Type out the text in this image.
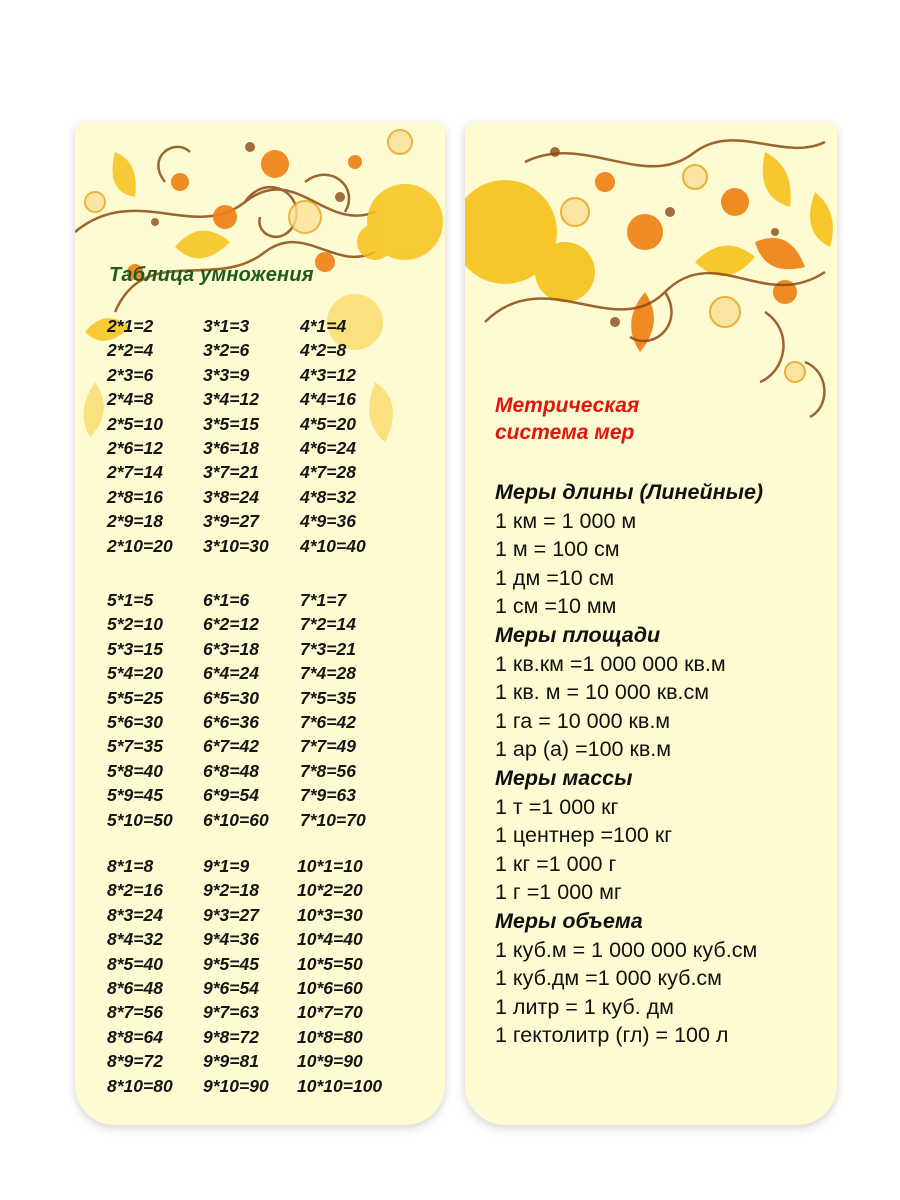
Таблица умножения
2*1=2
2*2=4
2*3=6
2*4=8
2*5=10
2*6=12
2*7=14
2*8=16
2*9=18
2*10=20
3*1=3
3*2=6
3*3=9
3*4=12
3*5=15
3*6=18
3*7=21
3*8=24
3*9=27
3*10=30
4*1=4
4*2=8
4*3=12
4*4=16
4*5=20
4*6=24
4*7=28
4*8=32
4*9=36
4*10=40
5*1=5
5*2=10
5*3=15
5*4=20
5*5=25
5*6=30
5*7=35
5*8=40
5*9=45
5*10=50
6*1=6
6*2=12
6*3=18
6*4=24
6*5=30
6*6=36
6*7=42
6*8=48
6*9=54
6*10=60
7*1=7
7*2=14
7*3=21
7*4=28
7*5=35
7*6=42
7*7=49
7*8=56
7*9=63
7*10=70
8*1=8
8*2=16
8*3=24
8*4=32
8*5=40
8*6=48
8*7=56
8*8=64
8*9=72
8*10=80
9*1=9
9*2=18
9*3=27
9*4=36
9*5=45
9*6=54
9*7=63
9*8=72
9*9=81
9*10=90
10*1=10
10*2=20
10*3=30
10*4=40
10*5=50
10*6=60
10*7=70
10*8=80
10*9=90
10*10=100
Метрическая
система мер
Меры длины (Линейные)
1 км = 1 000 м
1 м = 100 см
1 дм =10 см
1 см =10 мм
Меры площади
1 кв.км =1 000 000 кв.м
1 кв. м = 10 000 кв.см
1 га = 10 000 кв.м
1 ар (а) =100 кв.м
Меры массы
1 т =1 000 кг
1 центнер =100 кг
1 кг =1 000 г
1 г =1 000 мг
Меры объема
1 куб.м = 1 000 000 куб.см
1 куб.дм =1 000 куб.см
1 литр = 1 куб. дм
1 гектолитр (гл) = 100 л
